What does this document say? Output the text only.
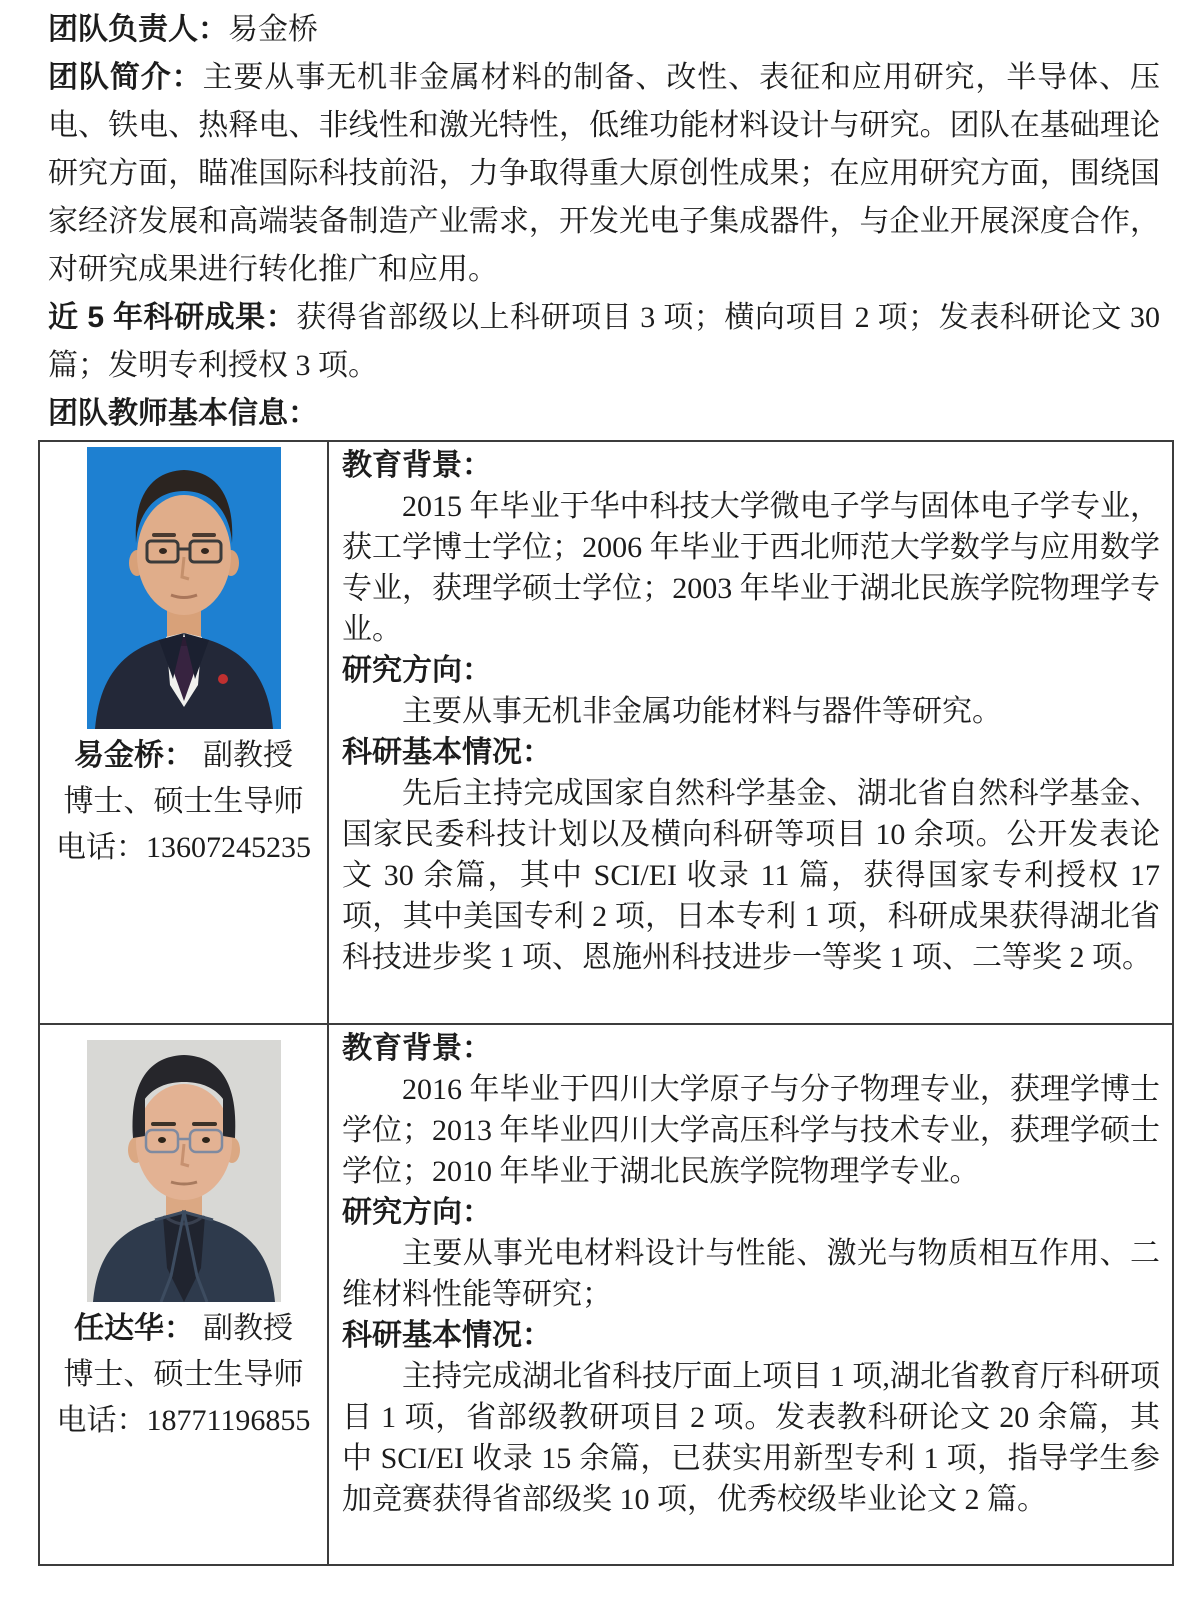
团队负责人：易金桥
团队简介：主要从事无机非金属材料的制备、改性、表征和应用研究，半导体、压电、铁电、热释电、非线性和激光特性，低维功能材料设计与研究。团队在基础理论研究方面，瞄准国际科技前沿，力争取得重大原创性成果；在应用研究方面，围绕国家经济发展和高端装备制造产业需求，开发光电子集成器件，与企业开展深度合作，对研究成果进行转化推广和应用。
近 5 年科研成果：获得省部级以上科研项目 3 项；横向项目 2 项；发表科研论文 30 篇；发明专利授权 3 项。
团队教师基本信息：
易金桥： 副教授
博士、硕士生导师
电话：13607245235

教育背景：
2015 年毕业于华中科技大学微电子学与固体电子学专业，获工学博士学位；2006 年毕业于西北师范大学数学与应用数学专业，获理学硕士学位；2003 年毕业于湖北民族学院物理学专业。
研究方向：
主要从事无机非金属功能材料与器件等研究。
科研基本情况：
先后主持完成国家自然科学基金、湖北省自然科学基金、国家民委科技计划以及横向科研等项目 10 余项。公开发表论文 30 余篇，其中 SCI/EI 收录 11 篇，获得国家专利授权 17 项，其中美国专利 2 项，日本专利 1 项，科研成果获得湖北省科技进步奖 1 项、恩施州科技进步一等奖 1 项、二等奖 2 项。

任达华： 副教授
博士、硕士生导师
电话：18771196855

教育背景：
2016 年毕业于四川大学原子与分子物理专业，获理学博士学位；2013 年毕业四川大学高压科学与技术专业，获理学硕士学位；2010 年毕业于湖北民族学院物理学专业。
研究方向：
主要从事光电材料设计与性能、激光与物质相互作用、二维材料性能等研究；
科研基本情况：
主持完成湖北省科技厅面上项目 1 项,湖北省教育厅科研项目 1 项，省部级教研项目 2 项。发表教科研论文 20 余篇，其中 SCI/EI 收录 15 余篇，已获实用新型专利 1 项，指导学生参加竞赛获得省部级奖 10 项，优秀校级毕业论文 2 篇。
